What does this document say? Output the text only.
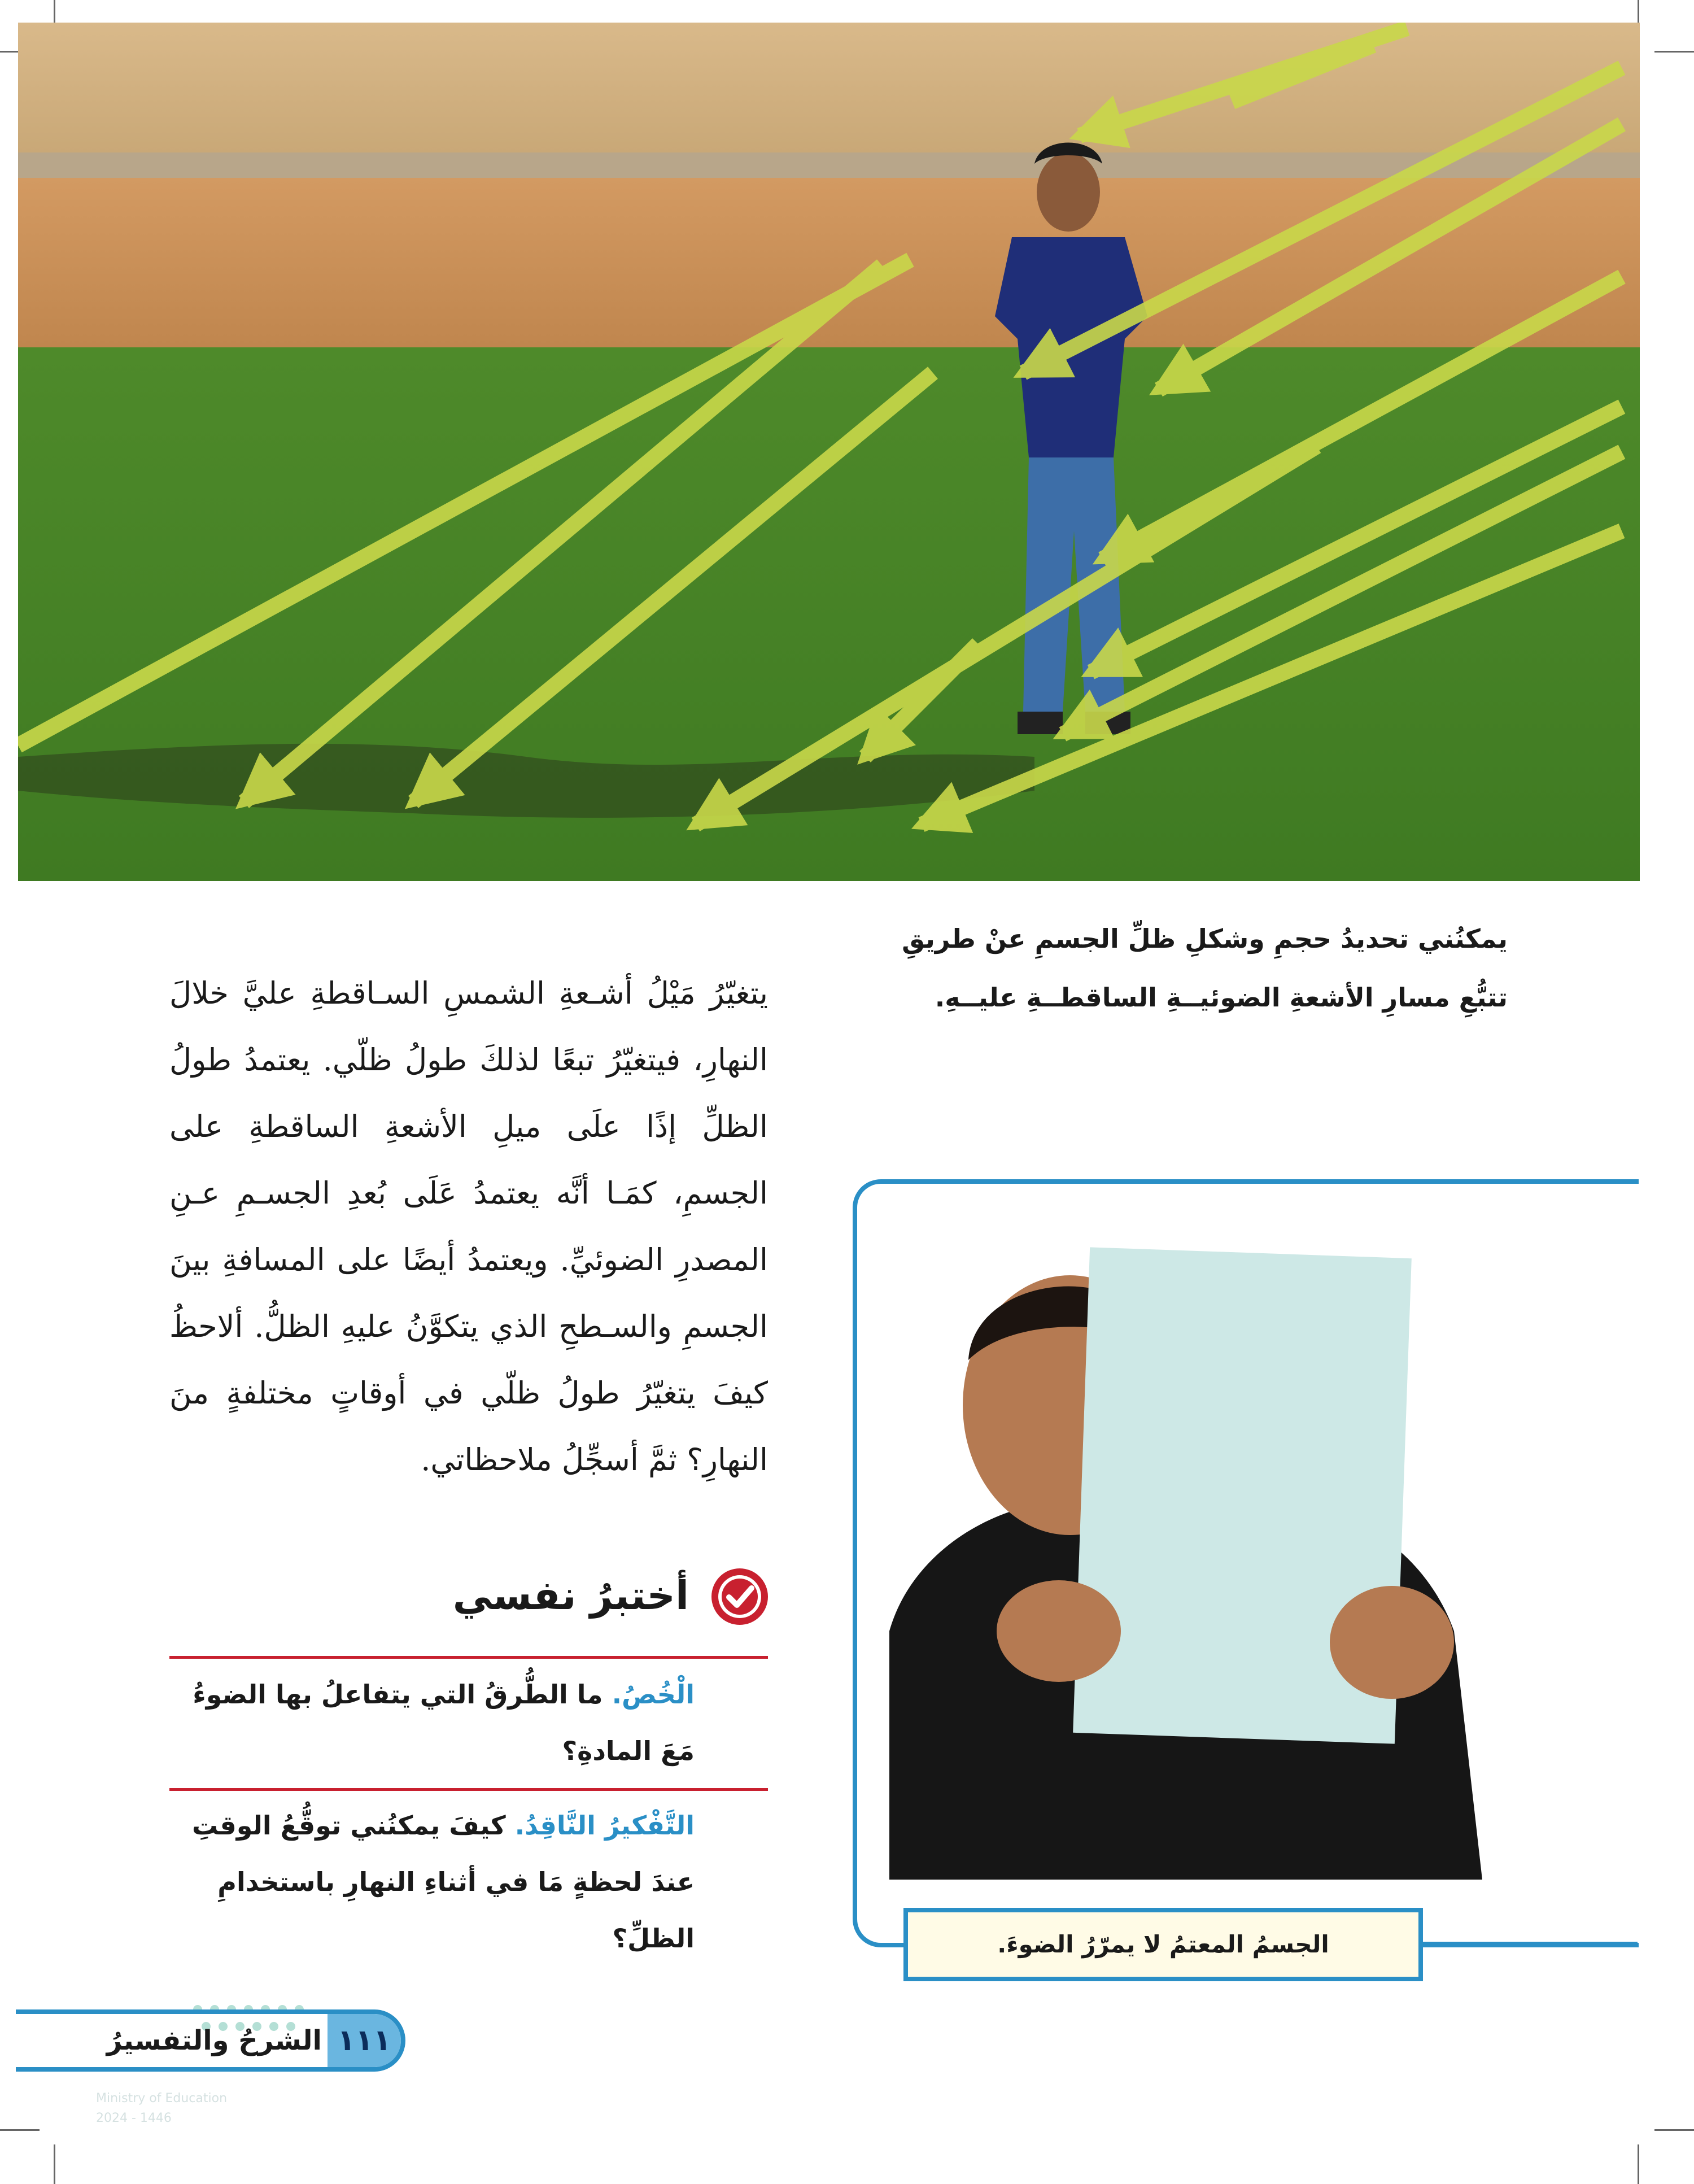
يمكنُني تحديدُ حجمِ وشكلِ ظلِّ الجسمِ عنْ طريقِ
تتبُّعِ مسارِ الأشعةِ الضوئيــةِ الساقطــةِ عليــهِ.
يتغيّرُ مَيْلُ أشـعةِ الشمسِ السـاقطةِ عليَّ خلالَ النهارِ، فيتغيّرُ تبعًا لذلكَ طولُ ظلّي. يعتمدُ طولُ الظلِّ إذًا علَى ميلِ الأشعةِ الساقطةِ على الجسمِ، كمَـا أنَّه يعتمدُ عَلَى بُعدِ الجسـمِ عـنِ المصدرِ الضوئيِّ. ويعتمدُ أيضًا على المسافةِ بينَ الجسمِ والسـطحِ الذي يتكوَّنُ عليهِ الظلُّ. ألاحظُ كيفَ يتغيّرُ طولُ ظلّي في أوقاتٍ مختلفةٍ منَ النهارِ؟ ثمَّ أسجِّلُ ملاحظاتي.
أختبرُ نفسي
الْخُصُ. ما الطُّرقُ التي يتفاعلُ بها الضوءُ مَعَ المادةِ؟
التَّفْكيرُ النَّاقِدُ. كيفَ يمكنُني توقُّعُ الوقتِ عندَ لحظةٍ مَا في أثناءِ النهارِ باستخدامِ الظلِّ؟	الجسمُ المعتمُ لا يمرّرُ الضوءَ.
Ministry of Education
2024 - 1446
١١١
الشرحُ والتفسيرُ
